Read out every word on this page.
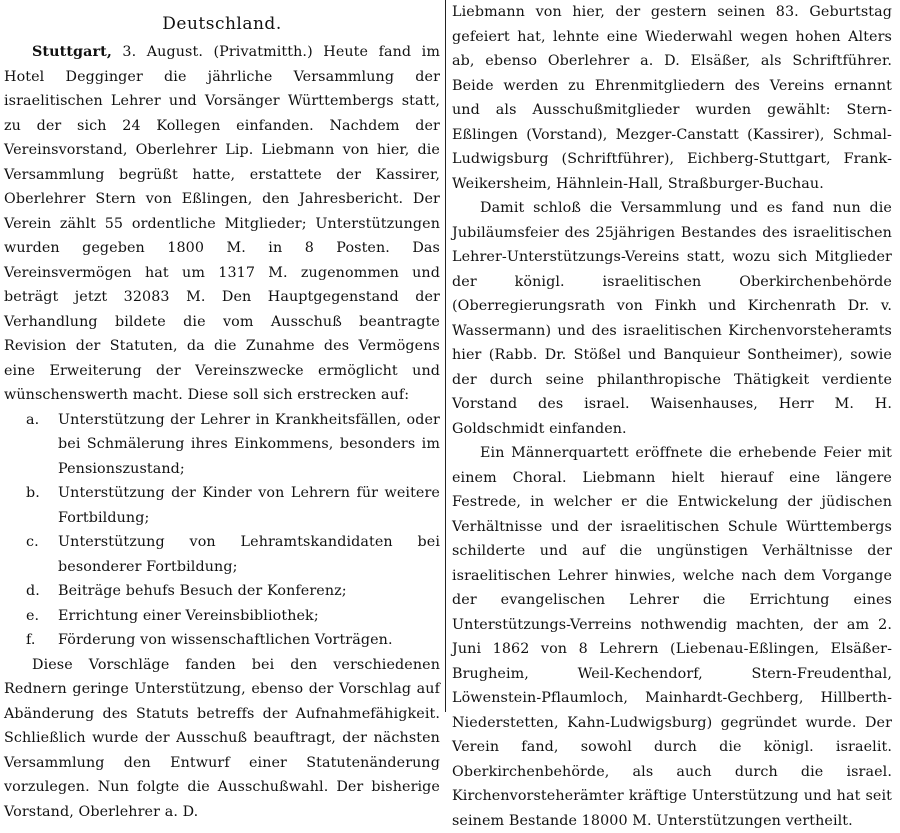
Deutschland.

Stuttgart, 3. August. (Privatmitth.) Heute fand im Hotel Degginger die jährliche Versammlung der israelitischen Lehrer und Vorsänger Württembergs statt, zu der sich 24 Kollegen einfanden. Nachdem der Vereinsvorstand, Oberlehrer Lip. Liebmann von hier, die Versammlung begrüßt hatte, erstattete der Kassirer, Oberlehrer Stern von Eßlingen, den Jahresbericht. Der Verein zählt 55 ordentliche Mitglieder; Unterstützungen wurden gegeben 1800 M. in 8 Posten. Das Vereinsvermögen hat um 1317 M. zugenommen und beträgt jetzt 32083 M. Den Hauptgegenstand der Verhandlung bildete die vom Ausschuß beantragte Revision der Statuten, da die Zunahme des Vermögens eine Erweiterung der Vereinszwecke ermöglicht und wünschenswerth macht. Diese soll sich erstrecken auf:

a. Unterstützung der Lehrer in Krankheitsfällen, oder bei Schmälerung ihres Einkommens, besonders im Pensionszustand;
b. Unterstützung der Kinder von Lehrern für weitere Fortbildung;
c. Unterstützung von Lehramtskandidaten bei besonderer Fortbildung;
d. Beiträge behufs Besuch der Konferenz;
e. Errichtung einer Vereinsbibliothek;
f. Förderung von wissenschaftlichen Vorträgen.

Diese Vorschläge fanden bei den verschiedenen Rednern geringe Unterstützung, ebenso der Vorschlag auf Abänderung des Statuts betreffs der Aufnahmefähigkeit. Schließlich wurde der Ausschuß beauftragt, der nächsten Versammlung den Entwurf einer Statutenänderung vorzulegen. Nun folgte die Ausschußwahl. Der bisherige Vorstand, Oberlehrer a. D.

Liebmann von hier, der gestern seinen 83. Geburtstag gefeiert hat, lehnte eine Wiederwahl wegen hohen Alters ab, ebenso Oberlehrer a. D. Elsäßer, als Schriftführer. Beide werden zu Ehrenmitgliedern des Vereins ernannt und als Ausschußmitglieder wurden gewählt: Stern-Eßlingen (Vorstand), Mezger-Canstatt (Kassirer), Schmal-Ludwigsburg (Schriftführer), Eichberg-Stuttgart, Frank-Weikersheim, Hähnlein-Hall, Straßburger-Buchau.

Damit schloß die Versammlung und es fand nun die Jubiläumsfeier des 25jährigen Bestandes des israelitischen Lehrer-Unterstützungs-Vereins statt, wozu sich Mitglieder der königl. israelitischen Oberkirchenbehörde (Oberregierungsrath von Finkh und Kirchenrath Dr. v. Wassermann) und des israelitischen Kirchenvorsteheramts hier (Rabb. Dr. Stößel und Banquieur Sontheimer), sowie der durch seine philanthropische Thätigkeit verdiente Vorstand des israel. Waisenhauses, Herr M. H. Goldschmidt einfanden.

Ein Männerquartett eröffnete die erhebende Feier mit einem Choral. Liebmann hielt hierauf eine längere Festrede, in welcher er die Entwickelung der jüdischen Verhältnisse und der israelitischen Schule Württembergs schilderte und auf die ungünstigen Verhältnisse der israelitischen Lehrer hinwies, welche nach dem Vorgange der evangelischen Lehrer die Errichtung eines Unterstützungs-Verreins nothwendig machten, der am 2. Juni 1862 von 8 Lehrern (Liebenau-Eßlingen, Elsäßer-Brugheim, Weil-Kechendorf, Stern-Freudenthal, Löwenstein-Pflaumloch, Mainhardt-Gechberg, Hillberth-Niederstetten, Kahn-Ludwigsburg) gegründet wurde. Der Verein fand, sowohl durch die königl. israelit. Oberkirchenbehörde, als auch durch die israel. Kirchenvorsteherämter kräftige Unterstützung und hat seit seinem Bestande 18000 M. Unterstützungen vertheilt.
